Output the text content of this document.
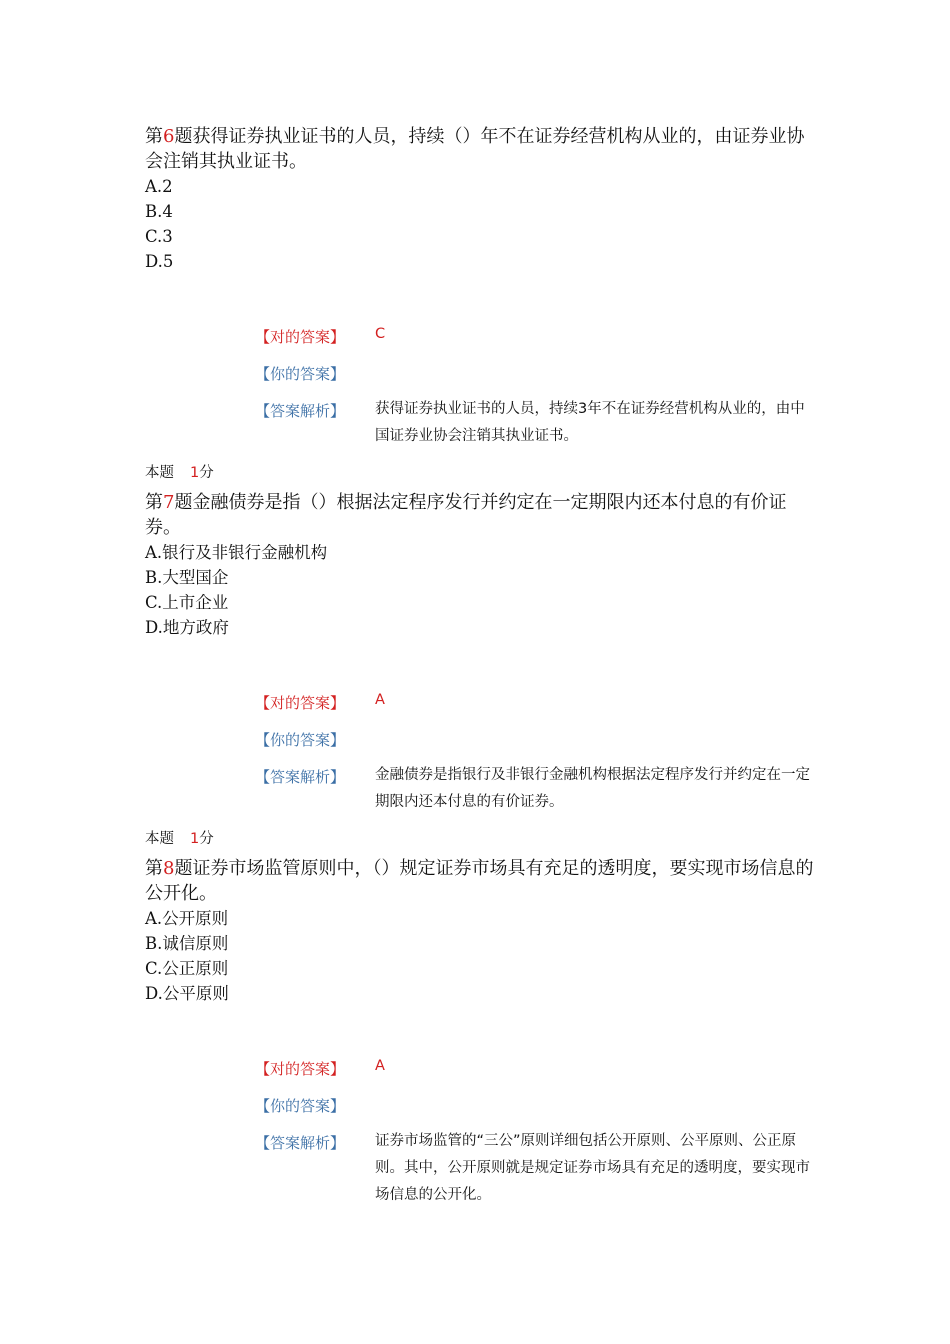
第6题获得证券执业证书的人员，持续（）年不在证券经营机构从业的，由证券业协会注销其执业证书。

A.2
B.4
C.3
D.5
【对的答案】 C
【你的答案】
【答案解析】 获得证券执业证书的人员，持续3年不在证券经营机构从业的，由中国证券业协会注销其执业证书。
本题 1分

第7题金融债券是指（）根据法定程序发行并约定在一定期限内还本付息的有价证券。

A.银行及非银行金融机构
B.大型国企
C.上市企业
D.地方政府
【对的答案】 A
【你的答案】
【答案解析】 金融债券是指银行及非银行金融机构根据法定程序发行并约定在一定期限内还本付息的有价证券。
本题 1分

第8题证券市场监管原则中，（）规定证券市场具有充足的透明度，要实现市场信息的公开化。

A.公开原则
B.诚信原则
C.公正原则
D.公平原则
【对的答案】 A
【你的答案】
【答案解析】 证券市场监管的“三公”原则详细包括公开原则、公平原则、公正原则。其中，公开原则就是规定证券市场具有充足的透明度，要实现市场信息的公开化。
